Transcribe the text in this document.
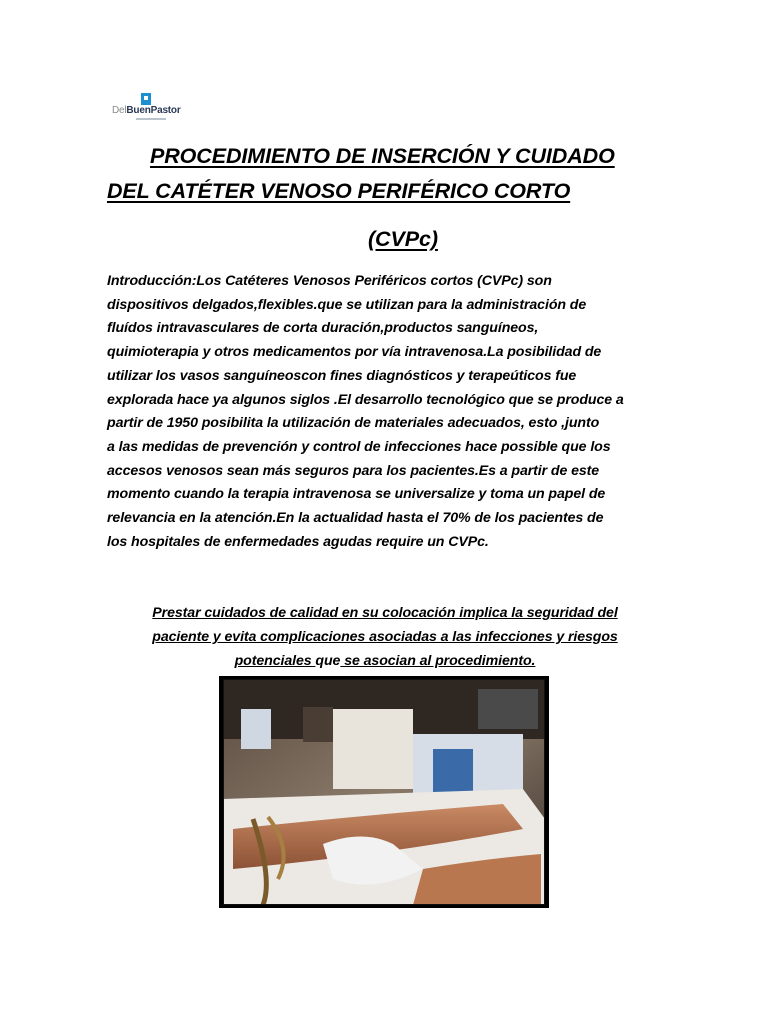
DelBuenPastor
PROCEDIMIENTO DE INSERCIÓN Y CUIDADO
DEL CATÉTER VENOSO PERIFÉRICO CORTO
(CVPc)
Introducción:Los Catéteres Venosos Periféricos cortos (CVPc) son
dispositivos delgados,flexibles.que se utilizan para la administración de
fluídos intravasculares de corta duración,productos sanguíneos,
quimioterapia y otros medicamentos por vía intravenosa.La posibilidad de
utilizar los vasos sanguíneoscon fines diagnósticos y terapeúticos fue
explorada hace ya algunos siglos .El desarrollo tecnológico que se produce a
partir de 1950 posibilita la utilización de materiales adecuados, esto ,junto
a las medidas de prevención y control de infecciones hace possible que los
accesos venosos sean más seguros para los pacientes.Es a partir de este
momento cuando la terapia intravenosa se universalize y toma un papel de
relevancia en la atención.En la actualidad hasta el 70% de los pacientes de
los hospitales de enfermedades agudas require un CVPc.
Prestar cuidados de calidad en su colocación implica la seguridad del
paciente y evita complicaciones asociadas a las infecciones y riesgos
potenciales que se asocian al procedimiento.
